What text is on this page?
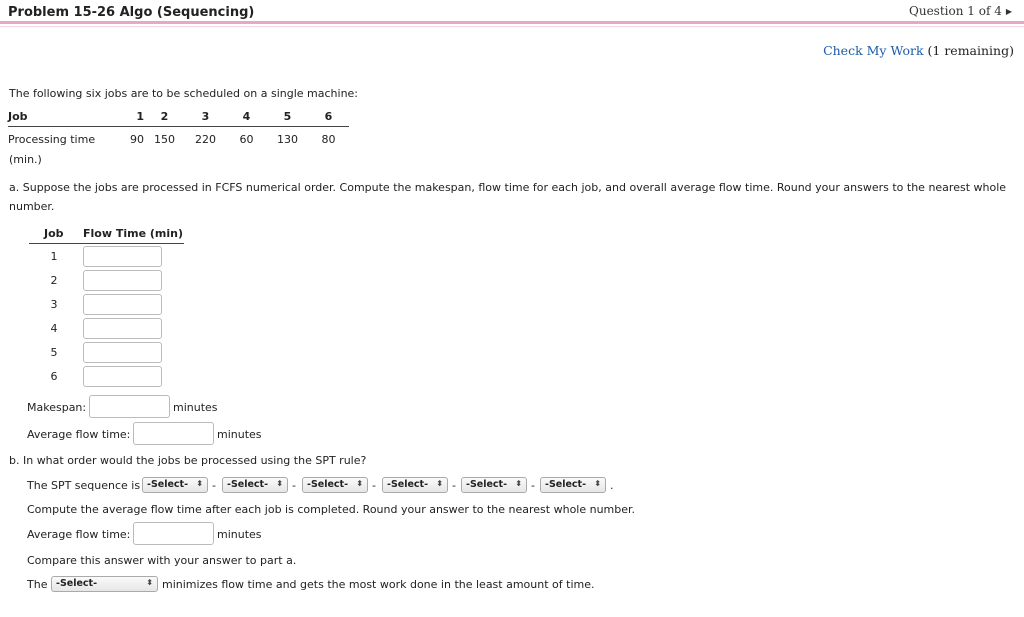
Problem 15-26 Algo (Sequencing)	Question 1 of 4 ▶
Check My Work (1 remaining)
The following six jobs are to be scheduled on a single machine:
Job	1	2	3	4	5	6
Processing time	90	150	220	60	130	80
(min.)
a. Suppose the jobs are processed in FCFS numerical order. Compute the makespan, flow time for each job, and overall average flow time. Round your answers to the nearest whole number.
Job Flow Time (min)
1
2
3
4
5
6
Makespan:	minutes
Average flow time:	minutes
b. In what order would the jobs be processed using the SPT rule?
The SPT sequence is -Select- ⬍ -	-Select- ⬍ -	-Select- ⬍ -	-Select- ⬍ -	-Select- ⬍ -	-Select- ⬍ .
Compute the average flow time after each job is completed. Round your answer to the nearest whole number.
Average flow time:	minutes
Compare this answer with your answer to part a.
The -Select-	⬍ minimizes flow time and gets the most work done in the least amount of time.
